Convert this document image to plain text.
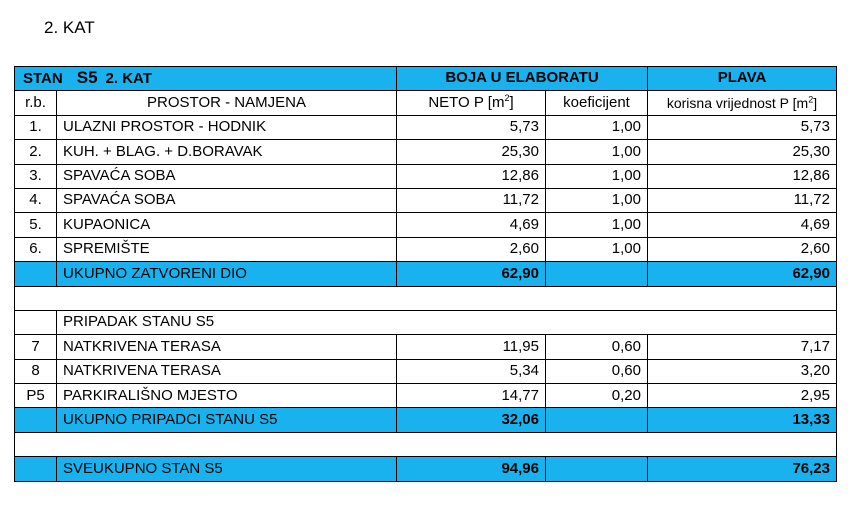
2. KAT
STAN S5 2. KAT		BOJA U ELABORATU		PLAVA
r.b.	PROSTOR - NAMJENA	NETO P $[m^2]$	koeficijent	korisna vrijednost P $[m^2]$
1.	ULAZNI PROSTOR - HODNIK	5,73	1,00	5,73
2.	KUH. + BLAG. + D.BORAVAK	25,30	1,00	25,30
3.	SPAVAĆA SOBA	12,86	1,00	12,86
4.	SPAVAĆA SOBA	11,72	1,00	11,72
5.	KUPAONICA	4,69	1,00	4,69
6.	SPREMIŠTE	2,60	1,00	2,60
	UKUPNO ZATVORENI DIO	62,90		62,90

	PRIPADAK STANU S5			
7	NATKRIVENA TERASA	11,95	0,60	7,17
8	NATKRIVENA TERASA	5,34	0,60	3,20
P5	PARKIRALIŠNO MJESTO	14,77	0,20	2,95
	UKUPNO PRIPADCI STANU S5	32,06		13,33

	SVEUKUPNO STAN S5	94,96		76,23
